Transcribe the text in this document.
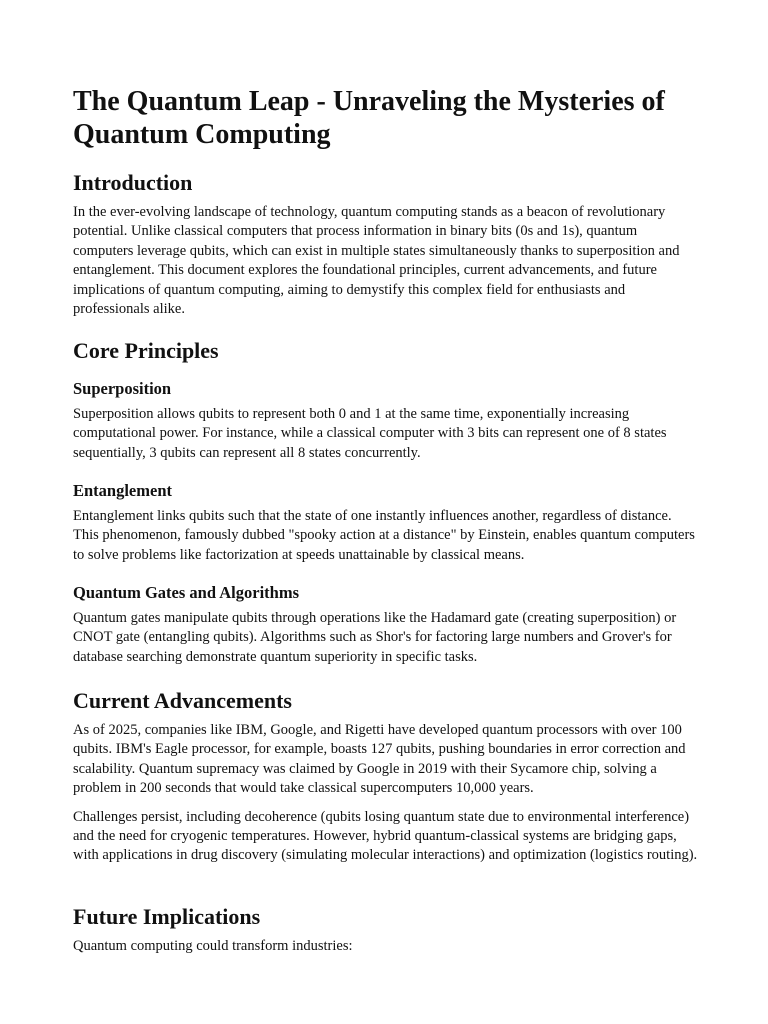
The Quantum Leap - Unraveling the Mysteries of Quantum Computing
Introduction

In the ever-evolving landscape of technology, quantum computing stands as a beacon of revolutionary potential. Unlike classical computers that process information in binary bits (0s and 1s), quantum computers leverage qubits, which can exist in multiple states simultaneously thanks to superposition and entanglement. This document explores the foundational principles, current advancements, and future implications of quantum computing, aiming to demystify this complex field for enthusiasts and professionals alike.

Core Principles
Superposition

Superposition allows qubits to represent both 0 and 1 at the same time, exponentially increasing computational power. For instance, while a classical computer with 3 bits can represent one of 8 states sequentially, 3 qubits can represent all 8 states concurrently.

Entanglement

Entanglement links qubits such that the state of one instantly influences another, regardless of distance. This phenomenon, famously dubbed "spooky action at a distance" by Einstein, enables quantum computers to solve problems like factorization at speeds unattainable by classical means.

Quantum Gates and Algorithms

Quantum gates manipulate qubits through operations like the Hadamard gate (creating superposition) or CNOT gate (entangling qubits). Algorithms such as Shor's for factoring large numbers and Grover's for database searching demonstrate quantum superiority in specific tasks.

Current Advancements

As of 2025, companies like IBM, Google, and Rigetti have developed quantum processors with over 100 qubits. IBM's Eagle processor, for example, boasts 127 qubits, pushing boundaries in error correction and scalability. Quantum supremacy was claimed by Google in 2019 with their Sycamore chip, solving a problem in 200 seconds that would take classical supercomputers 10,000 years.

Challenges persist, including decoherence (qubits losing quantum state due to environmental interference) and the need for cryogenic temperatures. However, hybrid quantum-classical systems are bridging gaps, with applications in drug discovery (simulating molecular interactions) and optimization (logistics routing).

Future Implications

Quantum computing could transform industries:
